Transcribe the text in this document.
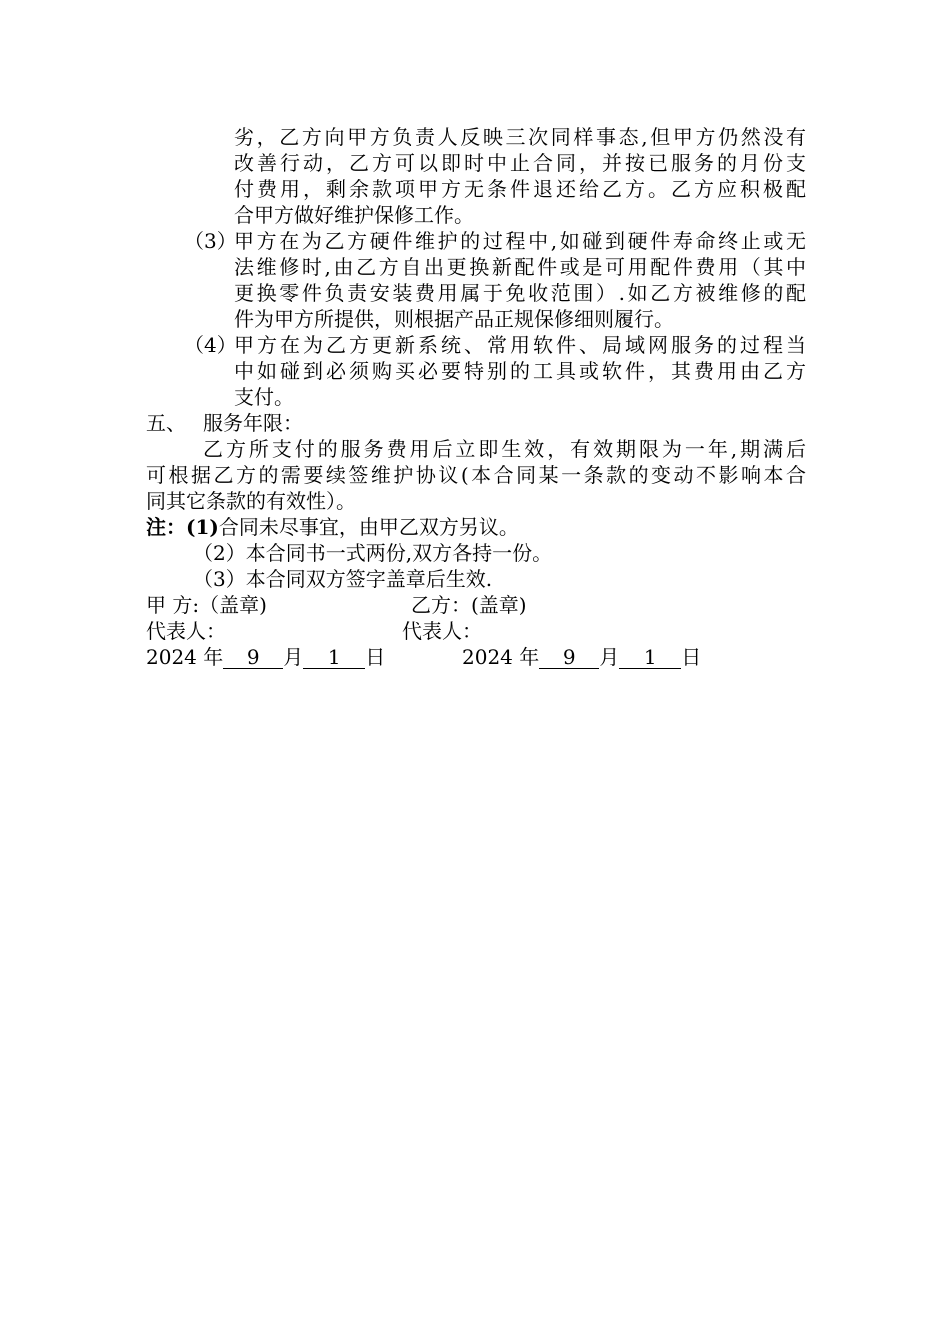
劣，乙方向甲方负责人反映三次同样事态,但甲方仍然没有
改善行动，乙方可以即时中止合同，并按已服务的月份支
付费用，剩余款项甲方无条件退还给乙方。乙方应积极配
合甲方做好维护保修工作。
（3）
甲方在为乙方硬件维护的过程中,如碰到硬件寿命终止或无
法维修时,由乙方自出更换新配件或是可用配件费用（其中
更换零件负责安装费用属于免收范围）.如乙方被维修的配
件为甲方所提供，则根据产品正规保修细则履行。
（4）
甲方在为乙方更新系统、常用软件、局域网服务的过程当
中如碰到必须购买必要特别的工具或软件，其费用由乙方
支付。
五、 服务年限：
乙方所支付的服务费用后立即生效，有效期限为一年,期满后
可根据乙方的需要续签维护协议(本合同某一条款的变动不影响本合
同其它条款的有效性）。
注：(1)合同未尽事宜，由甲乙双方另议。
（2）本合同书一式两份,双方各持一份。
（3）本合同双方签字盖章后生效.
甲 方:（盖章)	乙方：(盖章)
代表人：	代表人：
2024 年 9 月 1 日	2024 年 9 月 1 日
